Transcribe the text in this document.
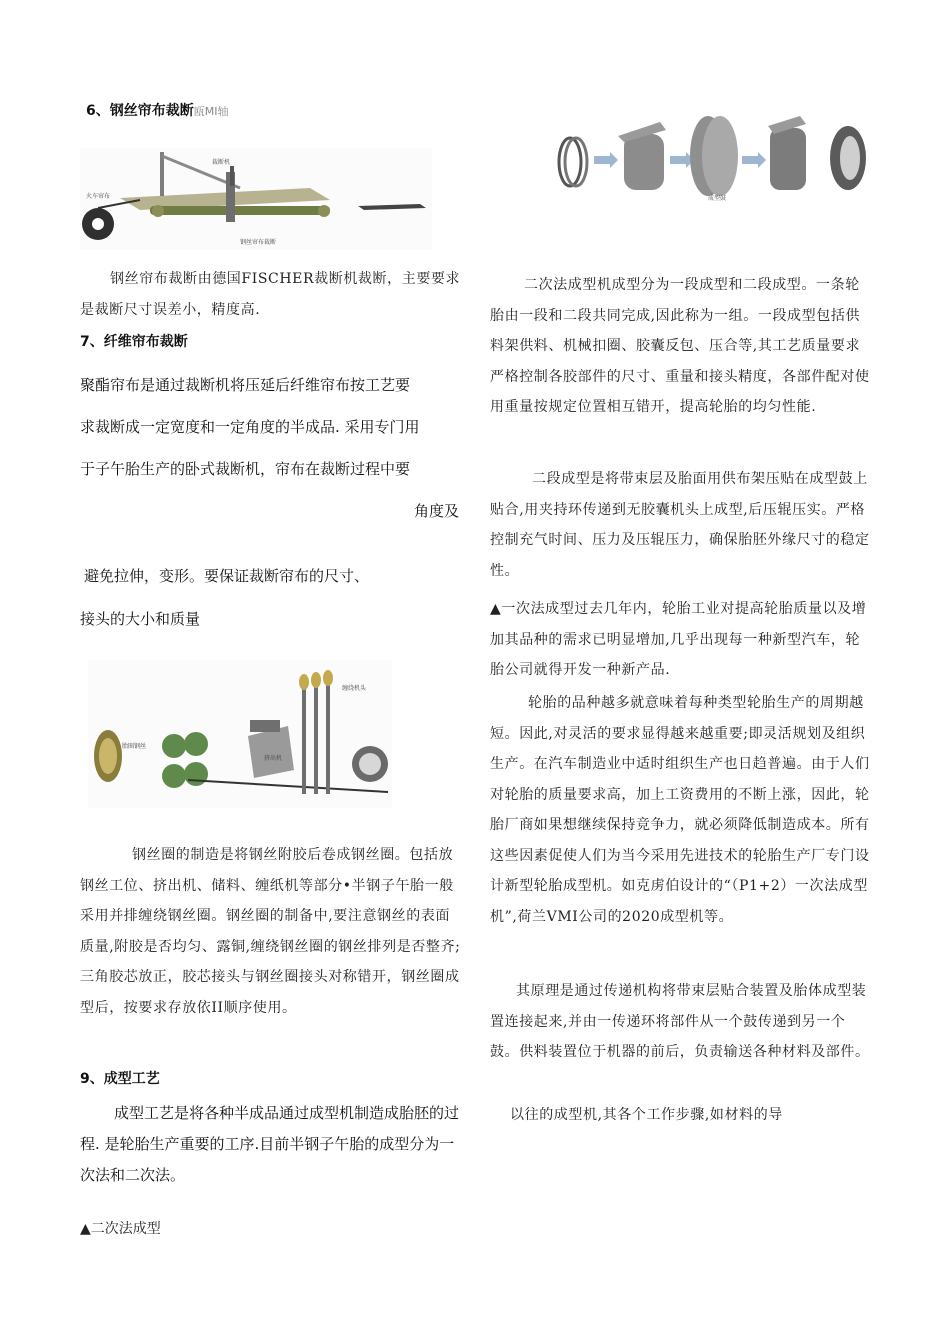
6、钢丝帘布裁断瓯MI轴
火车帘布
裁断机
钢丝帘布裁断
钢丝帘布裁断由德国FISCHER裁断机裁断，主要要求是裁断尺寸误差小，精度高.
7、纤维帘布裁断
聚酯帘布是通过裁断机将压延后纤维帘布按工艺要
求裁断成一定宽度和一定角度的半成品. 采用专门用
于子午胎生产的卧式裁断机，帘布在裁断过程中要
角度及
避免拉伸，变形。要保证裁断帘布的尺寸、
接头的大小和质量
胎圈钢丝
挤出机
缠绕机头
钢丝圈的制造是将钢丝附胶后卷成钢丝圈。包括放钢丝工位、挤出机、储料、缠纸机等部分•半钢子午胎一般采用并排缠绕钢丝圈。钢丝圈的制备中,要注意钢丝的表面质量,附胶是否均匀、露铜,缠绕钢丝圈的钢丝排列是否整齐;三角胶芯放正，胶芯接头与钢丝圈接头对称错开，钢丝圈成型后，按要求存放依II顺序使用。
9、成型工艺
成型工艺是将各种半成品通过成型机制造成胎胚的过程. 是轮胎生产重要的工序.目前半钢子午胎的成型分为一次法和二次法。
▲二次法成型
成型鼓
二次法成型机成型分为一段成型和二段成型。一条轮胎由一段和二段共同完成,因此称为一组。一段成型包括供料架供料、机械扣圈、胶囊反包、压合等,其工艺质量要求严格控制各胶部件的尺寸、重量和接头精度，各部件配对使用重量按规定位置相互错开，提高轮胎的均匀性能.
二段成型是将带束层及胎面用供布架压贴在成型鼓上贴合,用夹持环传递到无胶囊机头上成型,后压辊压实。严格控制充气时间、压力及压辊压力，确保胎胚外缘尺寸的稳定性。
▲一次法成型过去几年内，轮胎工业对提高轮胎质量以及增加其品种的需求已明显增加,几乎出现每一种新型汽车，轮胎公司就得开发一种新产品.
轮胎的品种越多就意味着每种类型轮胎生产的周期越短。因此,对灵活的要求显得越来越重要;即灵活规划及组织生产。在汽车制造业中适时组织生产也日趋普遍。由于人们对轮胎的质量要求高，加上工资费用的不断上涨，因此，轮胎厂商如果想继续保持竞争力，就必须降低制造成本。所有这些因素促使人们为当今采用先进技术的轮胎生产厂专门设计新型轮胎成型机。如克虏伯设计的“（P1+2）一次法成型机”,荷兰VMI公司的2020成型机等。
其原理是通过传递机构将带束层贴合装置及胎体成型装置连接起来,并由一传递环将部件从一个鼓传递到另一个鼓。供料装置位于机器的前后，负责输送各种材料及部件。
以往的成型机,其各个工作步骤,如材料的导
